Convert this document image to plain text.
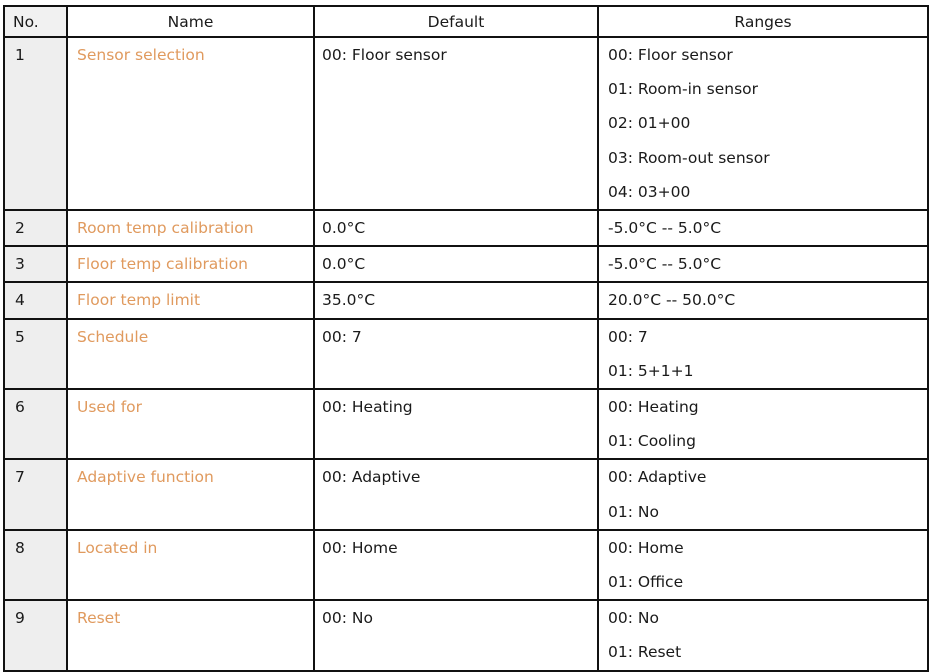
No.	Name	Default	Ranges

1	Sensor selection	00: Floor sensor	00: Floor sensor
01: Room-in sensor
02: 01+00
03: Room-out sensor
04: 03+00

2	Room temp calibration	0.0°C	-5.0°C -- 5.0°C

3	Floor temp calibration	0.0°C	-5.0°C -- 5.0°C

4	Floor temp limit	35.0°C	20.0°C -- 50.0°C

5	Schedule	00: 7	00: 7
01: 5+1+1

6	Used for	00: Heating	00: Heating
01: Cooling

7	Adaptive function	00: Adaptive	00: Adaptive
01: No

8	Located in	00: Home	00: Home
01: Office

9	Reset	00: No	00: No
01: Reset
